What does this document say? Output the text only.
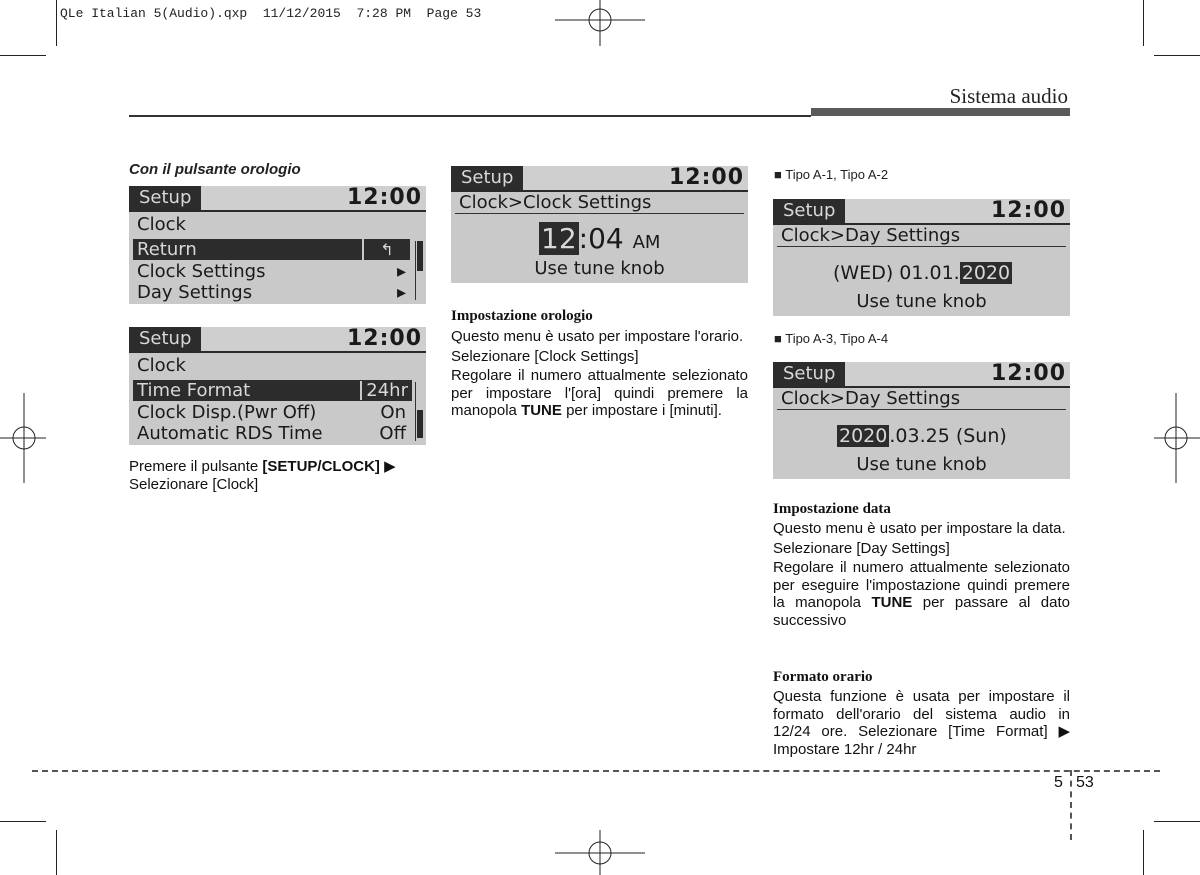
QLe Italian 5(Audio).qxp  11/12/2015  7:28 PM  Page 53
Sistema audio
Con il pulsante orologio
Setup	12:00
Clock
Return	↰
Clock Settings	▸
Day Settings	▸
Setup	12:00
Clock
Time Format	24hr
Clock Disp.(Pwr Off)	On
Automatic RDS Time	Off

Premere il pulsante [SETUP/CLOCK] ▶

Selezionare [Clock]

Setup	12:00
Clock>Clock Settings
12:04 AM
Use tune knob
Impostazione orologio

Questo menu è usato per impostare l'orario.

Selezionare [Clock Settings]

Regolare il numero attualmente selezionato per impostare l'[ora] quindi premere la manopola TUNE per impostare i [minuti].

■ Tipo A-1, Tipo A-2
Setup	12:00
Clock>Day Settings
(WED) 01.01. 2020
Use tune knob
■ Tipo A-3, Tipo A-4
Setup	12:00
Clock>Day Settings
2020 .03.25 (Sun)
Use tune knob
Impostazione data

Questo menu è usato per impostare la data.

Selezionare [Day Settings]

Regolare il numero attualmente selezionato per eseguire l'impostazione quindi premere la manopola TUNE per passare al dato successivo

Formato orario

Questa funzione è usata per impostare il formato dell'orario del sistema audio in 12/24 ore. Selezionare [Time Format] ▶ Impostare 12hr / 24hr

5 53
